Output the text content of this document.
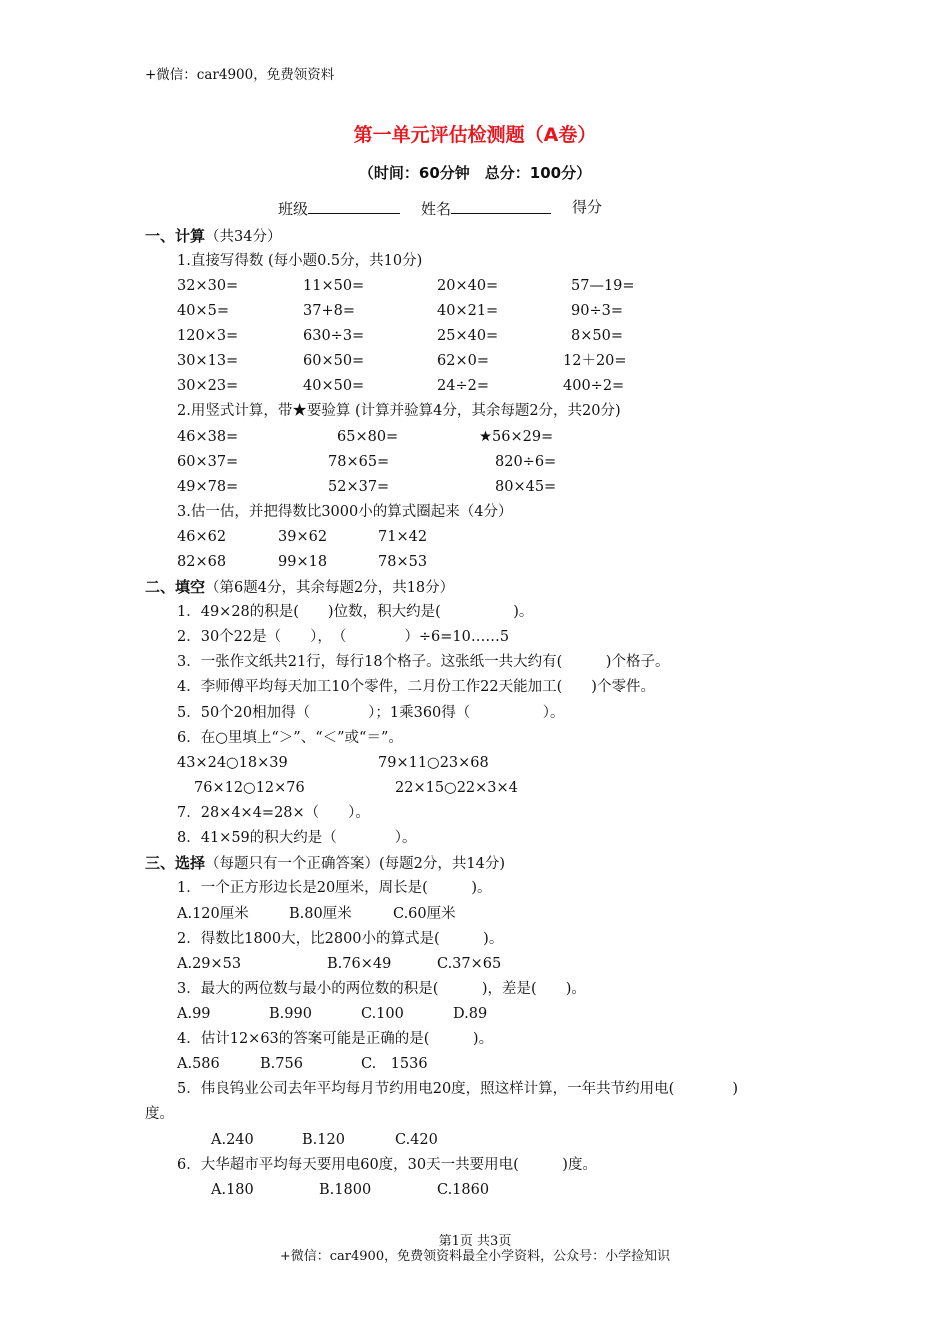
+微信：car4900，免费领资料
第一单元评估检测题（A卷）
（时间：60分钟　总分：100分）
班级	姓名	得分
一、计算（共34分）
1.直接写得数 (每小题0.5分，共10分)
32×30=	11×50=	20×40=	57—19=
40×5=	37+8=	40×21=	90÷3=
120×3=	630÷3=	25×40=	8×50=
30×13=	60×50=	62×0=	12＋20=
30×23=	40×50=	24÷2=	400÷2=
2.用竖式计算，带★要验算 (计算并验算4分，其余每题2分，共20分)
46×38=	65×80=	★56×29=
60×37=	78×65=	820÷6=
49×78=	52×37=	80×45=
3.估一估，并把得数比3000小的算式圈起来（4分）
46×62	39×62	71×42
82×68	99×18	78×53
二、填空（第6题4分，其余每题2分，共18分）
1．49×28的积是(　　)位数，积大约是(　　　　　)。
2．30个22是（　　），　（　　　　）÷6=10……5
3．一张作文纸共21行，每行18个格子。这张纸一共大约有(　　　)个格子。
4．李师傅平均每天加工10个零件，二月份工作22天能加工(　　)个零件。
5．50个20相加得（　　　　）；1乘360得（　　　　　）。
6．在○里填上“＞”、“＜”或“＝”。
43×24○18×39	79×11○23×68
76×12○12×76	22×15○22×3×4
7．28×4×4=28×（　　）。
8．41×59的积大约是（　　　　）。
三、选择（每题只有一个正确答案）(每题2分，共14分)
1．一个正方形边长是20厘米，周长是(　　　)。
A.120厘米	B.80厘米	C.60厘米
2．得数比1800大，比2800小的算式是(　　　)。
A.29×53	B.76×49	C.37×65
3．最大的两位数与最小的两位数的积是(　　　)，差是(　　)。
A.99	B.990	C.100	D.89
4．估计12×63的答案可能是正确的是(　　　)。
A.586	B.756	C.　1536
5．伟良钨业公司去年平均每月节约用电20度，照这样计算，一年共节约用电(　　　　)
度。
A.240	B.120	C.420
6．大华超市平均每天要用电60度，30天一共要用电(　　　)度。
A.180	B.1800	C.1860
第1页 共3页
+微信：car4900，免费领资料最全小学资料，公众号：小学捡知识
